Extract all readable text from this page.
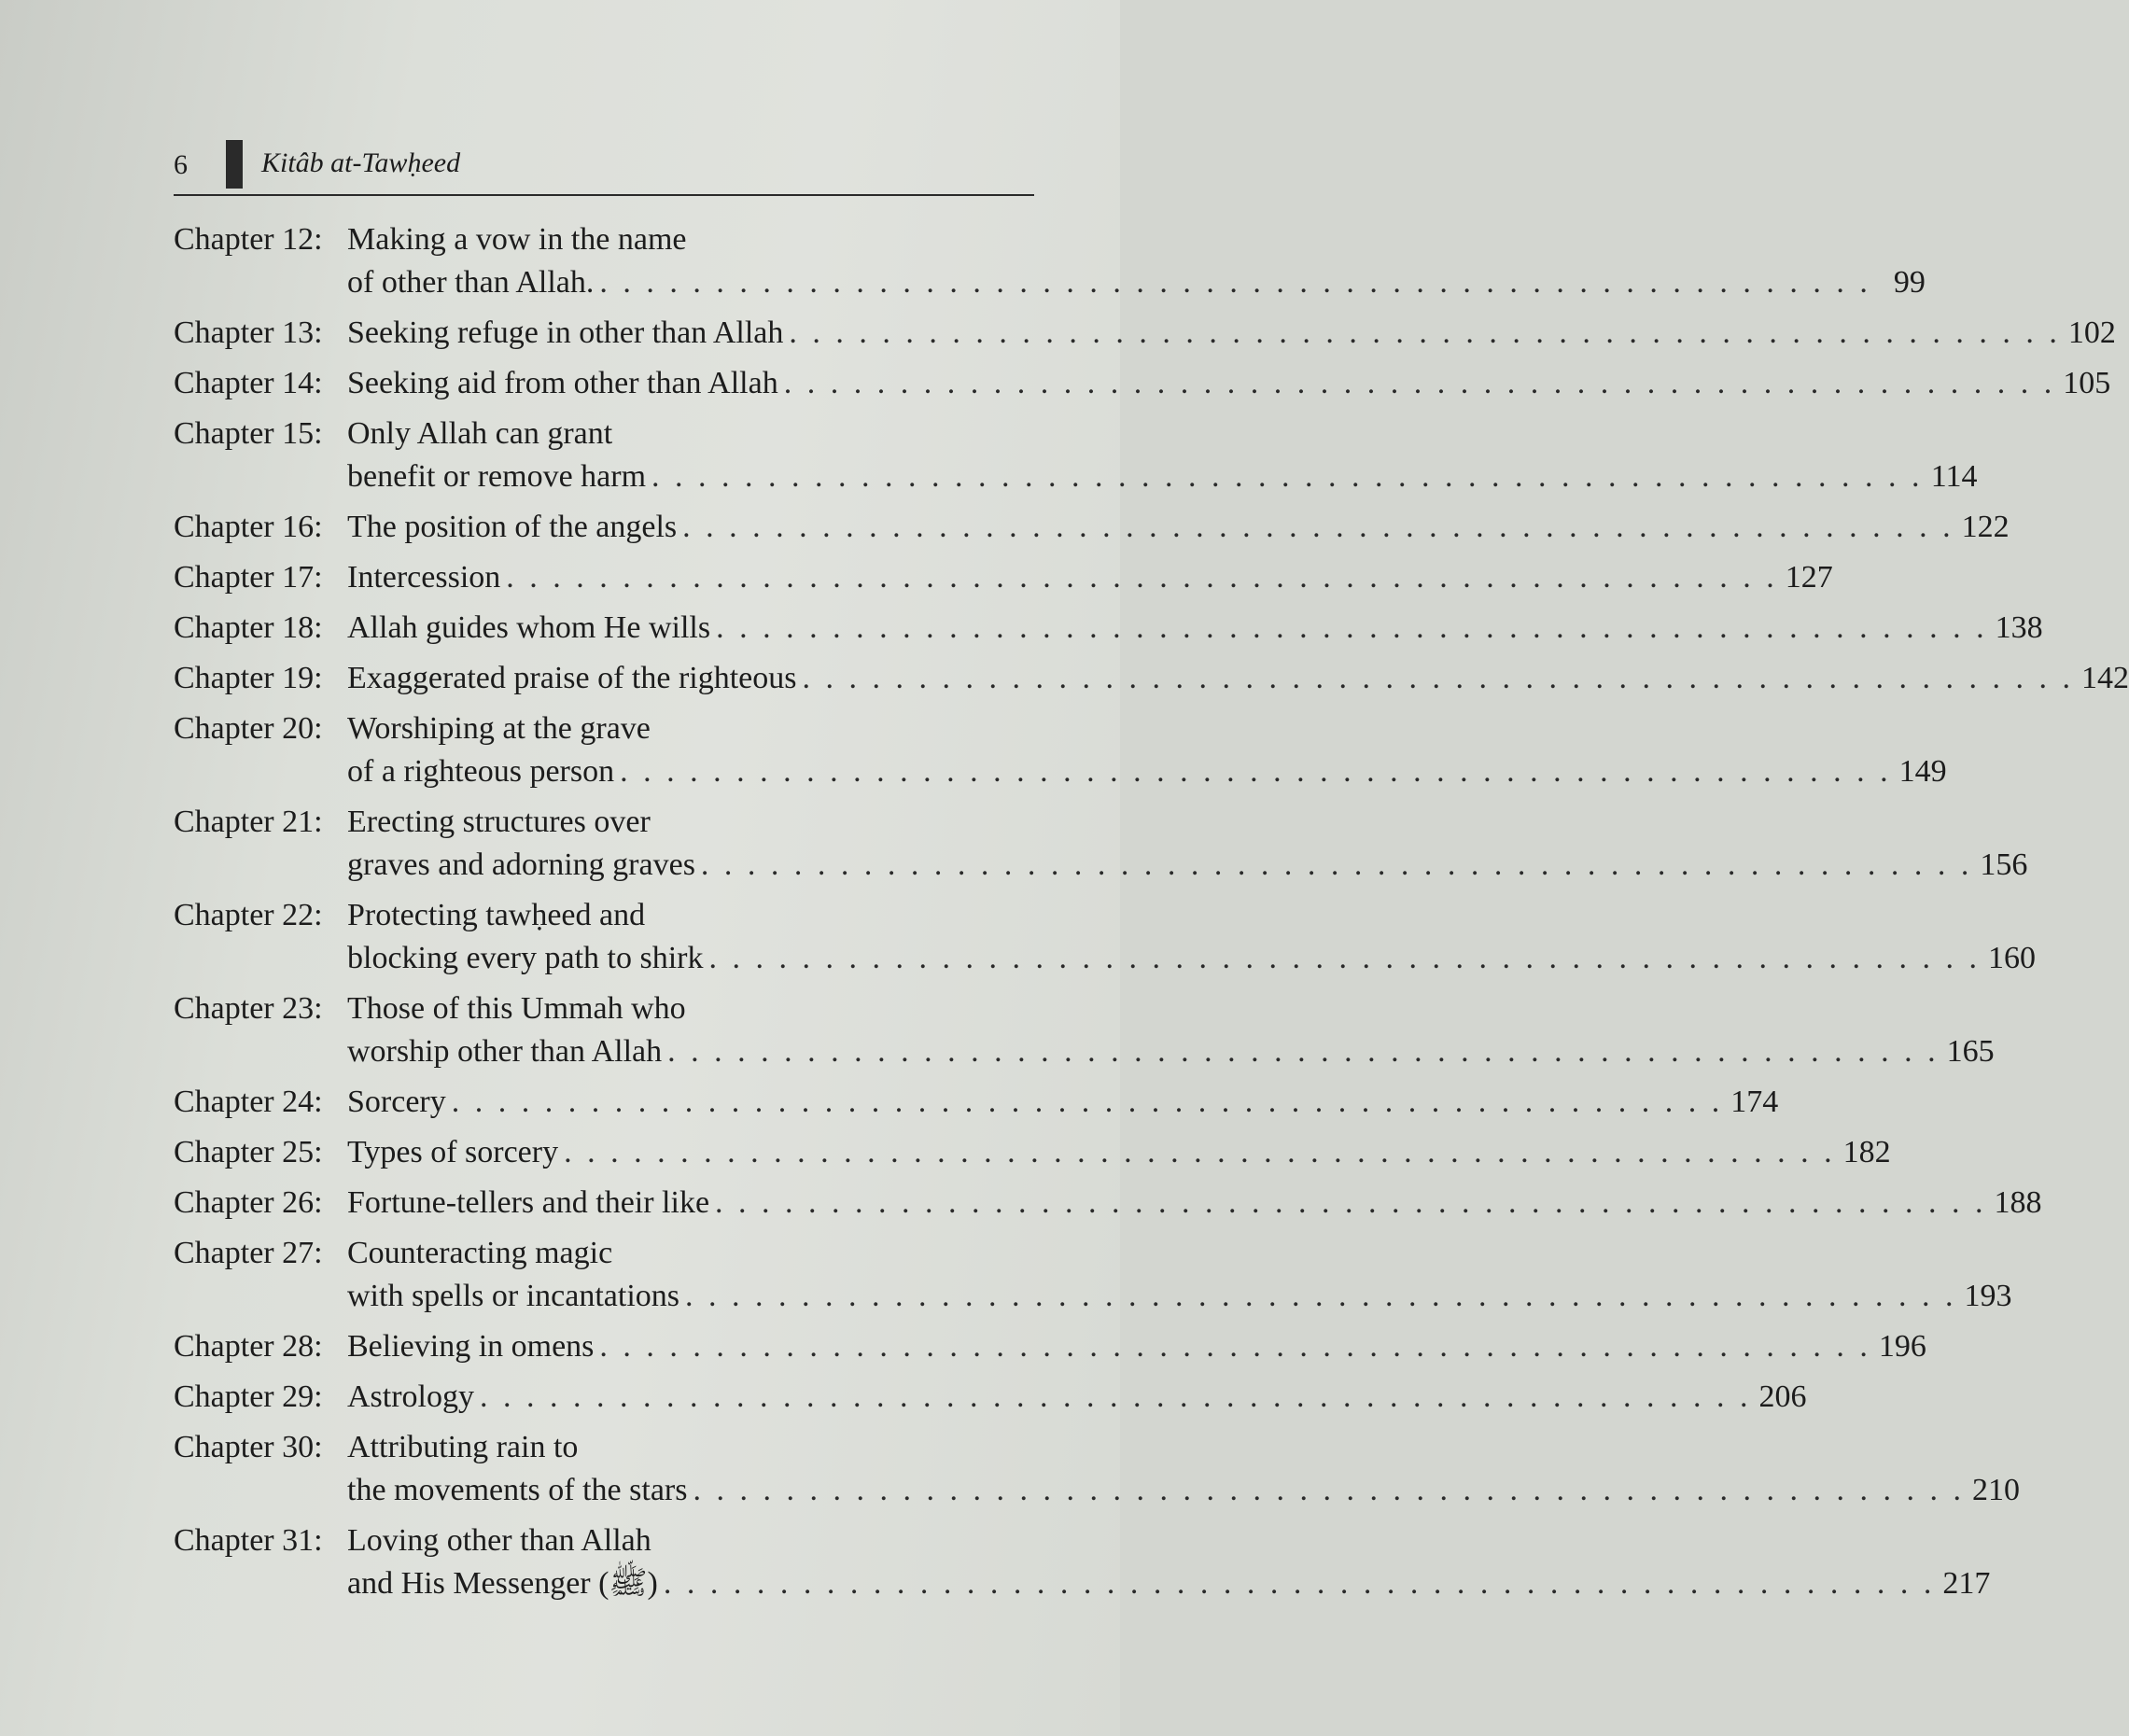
6	Kitâb at-Tawḥeed
Chapter 12: Making a vow in the name
of other than Allah. . . . . . . . . . . . . . . . . . . . . . . . . . . . . . . . . . . . . . . . . . . . . . . . . . . . . . . . 99
Chapter 13: Seeking refuge in other than Allah . . . . . . . . . . . . . . . . . . . . . . . . . . . . . . . . . . . . . . . . . . . . . . . . . . . . . . . 102
Chapter 14: Seeking aid from other than Allah . . . . . . . . . . . . . . . . . . . . . . . . . . . . . . . . . . . . . . . . . . . . . . . . . . . . . . . 105
Chapter 15: Only Allah can grant
benefit or remove harm . . . . . . . . . . . . . . . . . . . . . . . . . . . . . . . . . . . . . . . . . . . . . . . . . . . . . . . 114
Chapter 16: The position of the angels . . . . . . . . . . . . . . . . . . . . . . . . . . . . . . . . . . . . . . . . . . . . . . . . . . . . . . . 122
Chapter 17: Intercession . . . . . . . . . . . . . . . . . . . . . . . . . . . . . . . . . . . . . . . . . . . . . . . . . . . . . . . 127
Chapter 18: Allah guides whom He wills . . . . . . . . . . . . . . . . . . . . . . . . . . . . . . . . . . . . . . . . . . . . . . . . . . . . . . . 138
Chapter 19: Exaggerated praise of the righteous . . . . . . . . . . . . . . . . . . . . . . . . . . . . . . . . . . . . . . . . . . . . . . . . . . . . . . . 142
Chapter 20: Worshiping at the grave
of a righteous person . . . . . . . . . . . . . . . . . . . . . . . . . . . . . . . . . . . . . . . . . . . . . . . . . . . . . . . 149
Chapter 21: Erecting structures over
graves and adorning graves . . . . . . . . . . . . . . . . . . . . . . . . . . . . . . . . . . . . . . . . . . . . . . . . . . . . . . . 156
Chapter 22: Protecting tawḥeed and
blocking every path to shirk . . . . . . . . . . . . . . . . . . . . . . . . . . . . . . . . . . . . . . . . . . . . . . . . . . . . . . . 160
Chapter 23: Those of this Ummah who
worship other than Allah . . . . . . . . . . . . . . . . . . . . . . . . . . . . . . . . . . . . . . . . . . . . . . . . . . . . . . . 165
Chapter 24: Sorcery . . . . . . . . . . . . . . . . . . . . . . . . . . . . . . . . . . . . . . . . . . . . . . . . . . . . . . . 174
Chapter 25: Types of sorcery . . . . . . . . . . . . . . . . . . . . . . . . . . . . . . . . . . . . . . . . . . . . . . . . . . . . . . . 182
Chapter 26: Fortune-tellers and their like . . . . . . . . . . . . . . . . . . . . . . . . . . . . . . . . . . . . . . . . . . . . . . . . . . . . . . . 188
Chapter 27: Counteracting magic
with spells or incantations . . . . . . . . . . . . . . . . . . . . . . . . . . . . . . . . . . . . . . . . . . . . . . . . . . . . . . . 193
Chapter 28: Believing in omens . . . . . . . . . . . . . . . . . . . . . . . . . . . . . . . . . . . . . . . . . . . . . . . . . . . . . . . 196
Chapter 29: Astrology . . . . . . . . . . . . . . . . . . . . . . . . . . . . . . . . . . . . . . . . . . . . . . . . . . . . . . . 206
Chapter 30: Attributing rain to
the movements of the stars . . . . . . . . . . . . . . . . . . . . . . . . . . . . . . . . . . . . . . . . . . . . . . . . . . . . . . . 210
Chapter 31: Loving other than Allah
and His Messenger (ﷺ) . . . . . . . . . . . . . . . . . . . . . . . . . . . . . . . . . . . . . . . . . . . . . . . . . . . . . . . 217
